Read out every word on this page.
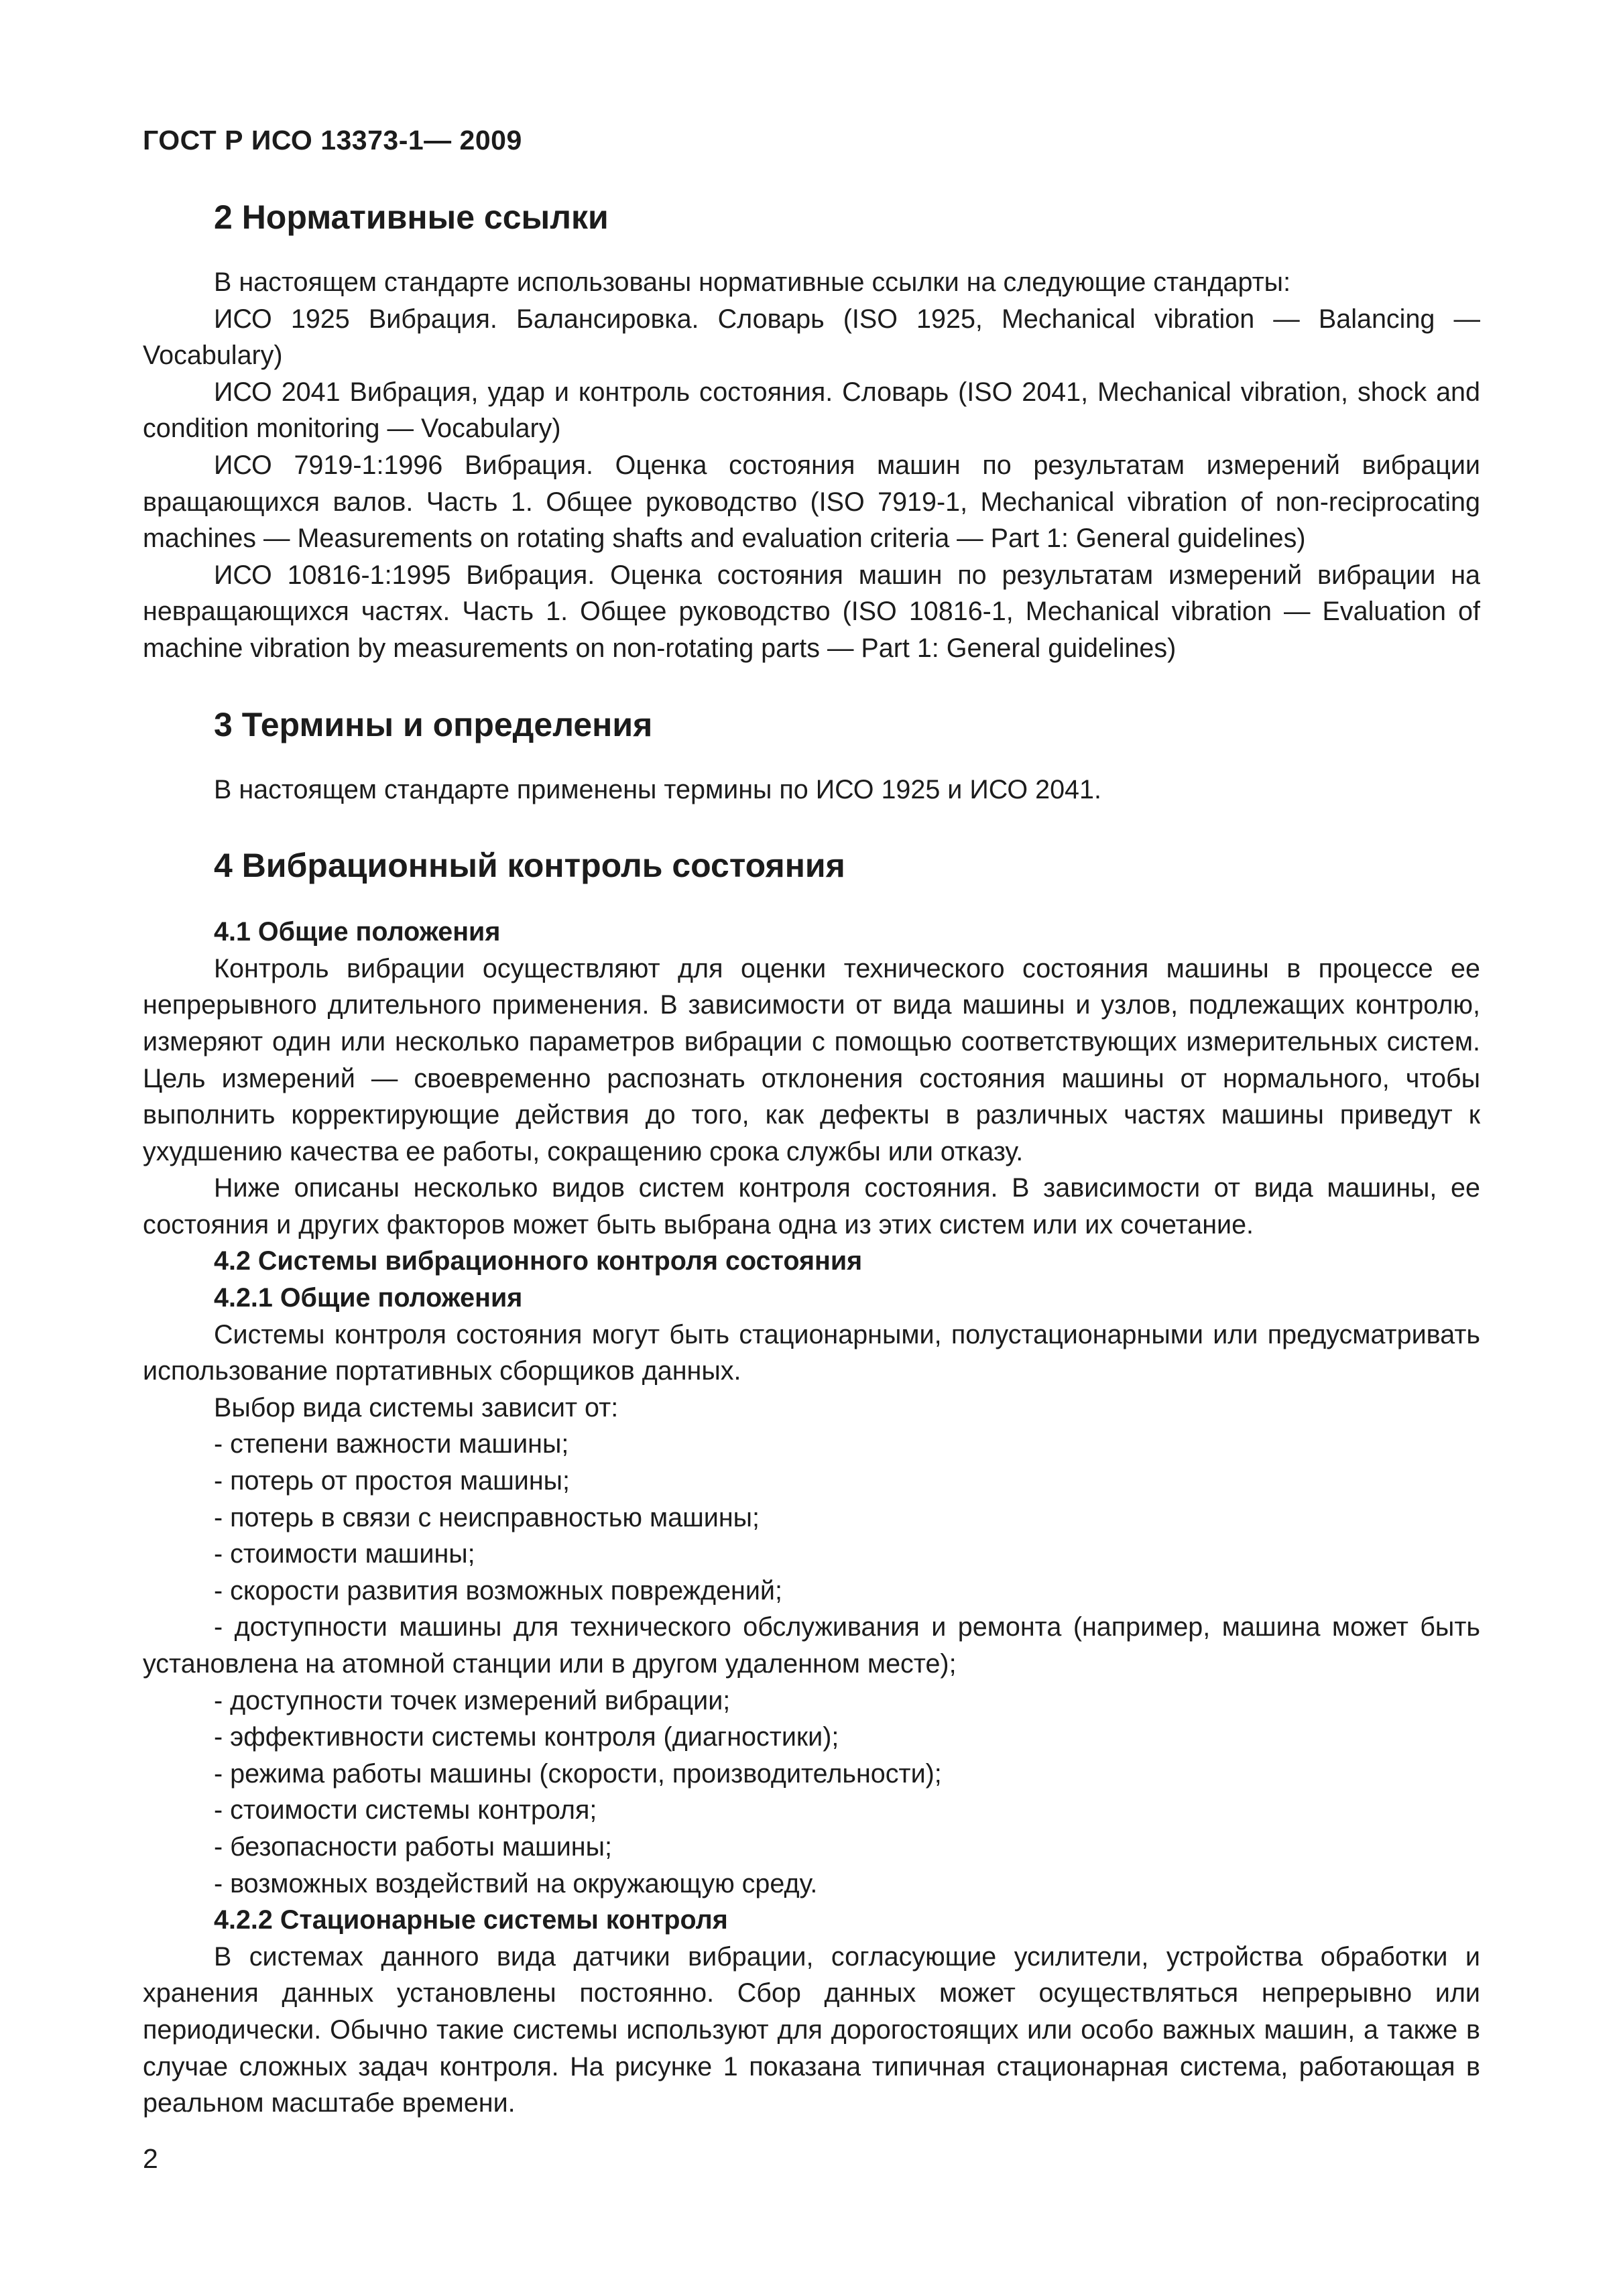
ГОСТ Р ИСО 13373-1— 2009
2 Нормативные ссылки

В настоящем стандарте использованы нормативные ссылки на следующие стандарты:

ИСО 1925 Вибрация. Балансировка. Словарь (ISO 1925, Mechanical vibration — Balancing — Vocabulary)

ИСО 2041 Вибрация, удар и контроль состояния. Словарь (ISO 2041, Mechanical vibration, shock and condition monitoring — Vocabulary)

ИСО 7919-1:1996 Вибрация. Оценка состояния машин по результатам измерений вибрации вращающихся валов. Часть 1. Общее руководство (ISO 7919-1, Mechanical vibration of non-reciprocating machines — Measurements on rotating shafts and evaluation criteria — Part 1: General guidelines)

ИСО 10816-1:1995 Вибрация. Оценка состояния машин по результатам измерений вибрации на невращающихся частях. Часть 1. Общее руководство (ISO 10816-1, Mechanical vibration — Evaluation of machine vibration by measurements on non-rotating parts — Part 1: General guidelines)

3 Термины и определения

В настоящем стандарте применены термины по ИСО 1925 и ИСО 2041.

4 Вибрационный контроль состояния
4.1 Общие положения

Контроль вибрации осуществляют для оценки технического состояния машины в процессе ее непрерывного длительного применения. В зависимости от вида машины и узлов, подлежащих контролю, измеряют один или несколько параметров вибрации с помощью соответствующих измерительных систем. Цель измерений — своевременно распознать отклонения состояния машины от нормального, чтобы выполнить корректирующие действия до того, как дефекты в различных частях машины приведут к ухудшению качества ее работы, сокращению срока службы или отказу.

Ниже описаны несколько видов систем контроля состояния. В зависимости от вида машины, ее состояния и других факторов может быть выбрана одна из этих систем или их сочетание.

4.2 Системы вибрационного контроля состояния
4.2.1 Общие положения

Системы контроля состояния могут быть стационарными, полустационарными или предусматривать использование портативных сборщиков данных.

Выбор вида системы зависит от:

- степени важности машины;

- потерь от простоя машины;

- потерь в связи с неисправностью машины;

- стоимости машины;

- скорости развития возможных повреждений;

- доступности машины для технического обслуживания и ремонта (например, машина может быть установлена на атомной станции или в другом удаленном месте);

- доступности точек измерений вибрации;

- эффективности системы контроля (диагностики);

- режима работы машины (скорости, производительности);

- стоимости системы контроля;

- безопасности работы машины;

- возможных воздействий на окружающую среду.

4.2.2 Стационарные системы контроля

В системах данного вида датчики вибрации, согласующие усилители, устройства обработки и хранения данных установлены постоянно. Сбор данных может осуществляться непрерывно или периодически. Обычно такие системы используют для дорогостоящих или особо важных машин, а также в случае сложных задач контроля. На рисунке 1 показана типичная стационарная система, работающая в реальном масштабе времени.

2
